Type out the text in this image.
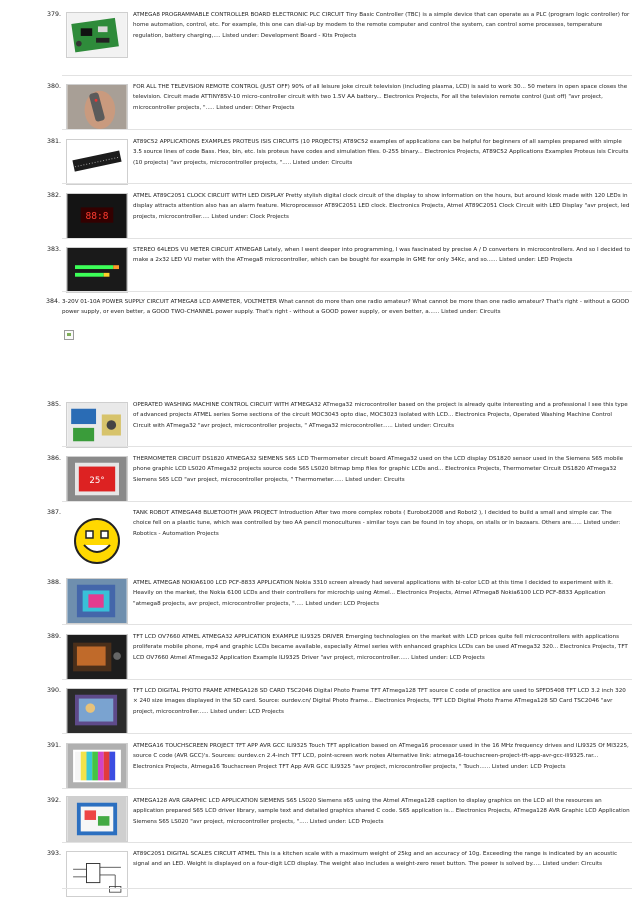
379.	ATMEGA8 PROGRAMMABLE CONTROLLER BOARD ELECTRONIC PLC CIRCUIT Tiny Basic Controller (TBC) is a simple device that can operate as a PLC (program logic controller) for home automation, control, etc. For example, this one can dial-up by modem to the remote computer and control the system, can control some processes, temperature regulation, battery charging,.... Listed under: Development Board - Kits Projects
380.	FOR ALL THE TELEVISION REMOTE CONTROL (JUST OFF) 90% of all leisure joke circuit television (including plasma, LCD) is said to work 30... 50 meters in open space closes the television. Circuit made ATTINY85V-10 micro-controller circuit with two 1.5V AA battery... Electronics Projects, For all the television remote control (just off) "avr project, microcontroller projects, "..... Listed under: Other Projects
381.	AT89C52 APPLICATIONS EXAMPLES PROTEUS ISIS CIRCUITS (10 PROJECTS) AT89C52 examples of applications can be helpful for beginners of all samples prepared with simple 3.5 source lines of code Bass. Hex, bin, etc. Isis proteus have codes and simulation files. 0-255 binary... Electronics Projects, AT89C52 Applications Examples Proteus isis Circuits (10 projects) "avr projects, microcontroller projects, "..... Listed under: Circuits
382.
88:8
ATMEL AT89C2051 CLOCK CIRCUIT WITH LED DISPLAY Pretty stylish digital clock circuit of the display to show information on the hours, but around kiosk made with 120 LEDs in display attracts attention also has an alarm feature. Microprocessor AT89C2051 LED clock. Electronics Projects, Atmel AT89C2051 Clock Circuit with LED Display "avr project, led projects, microcontroller..... Listed under: Clock Projects
383.	STEREO 64LEDS VU METER CIRCUIT ATMEGA8 Lately, when I went deeper into programming, I was fascinated by precise A / D converters in microcontrollers. And so I decided to make a 2x32 LED VU meter with the ATmega8 microcontroller, which can be bought for example in GME for only 34Kc, and so...... Listed under: LED Projects
384. 3-20V 01-10A POWER SUPPLY CIRCUIT ATMEGA8 LCD AMMETER, VOLTMETER What cannot do more than one radio amateur? What cannot be more than one radio amateur? That's right - without a GOOD power supply, or even better, a GOOD TWO-CHANNEL power supply. That's right - without a GOOD power supply, or even better, a...... Listed under: Circuits
385.	OPERATED WASHING MACHINE CONTROL CIRCUIT WITH ATMEGA32 ATmega32 microcontroller based on the project is already quite interesting and a professional I see this type of advanced projects ATMEL series Some sections of the circuit MOC3043 opto diac, MOC3023 isolated with LCD... Electronics Projects, Operated Washing Machine Control Circuit with ATmega32 "avr project, microcontroller projects, " ATmega32 microcontroller...... Listed under: Circuits
386.
25°
THERMOMETER CIRCUIT DS1820 ATMEGA32 SIEMENS S65 LCD Thermometer circuit board ATmega32 used on the LCD display DS1820 sensor used in the Siemens S65 mobile phone graphic LCD LS020 ATmega32 projects source code S65 LS020 bitmap bmp files for graphic LCDs and... Electronics Projects, Thermometer Circuit DS1820 ATmega32 Siemens S65 LCD "avr project, microcontroller projects, " Thermometer...... Listed under: Circuits
387.	TANK ROBOT ATMEGA48 BLUETOOTH JAVA PROJECT Introduction After two more complex robots ( Eurobot2008 and Robot2 ), I decided to build a small and simple car. The choice fell on a plastic tune, which was controlled by two AA pencil monocultures - similar toys can be found in toy shops, on stalls or in bazaars. Others are...... Listed under: Robotics - Automation Projects
388.	ATMEL ATMEGA8 NOKIA6100 LCD PCF-8833 APPLICATION Nokia 3310 screen already had several applications with bi-color LCD at this time I decided to experiment with it. Heavily on the market, the Nokia 6100 LCDs and their controllers for microchip using Atmel... Electronics Projects, Atmel ATmega8 Nokia6100 LCD PCF-8833 Application "atmega8 projects, avr project, microcontroller projects, "..... Listed under: LCD Projects
389.	TFT LCD OV7660 ATMEL ATMEGA32 APPLICATION EXAMPLE ILI9325 DRIVER Emerging technologies on the market with LCD prices quite fell microcontrollers with applications proliferate mobile phone, mp4 and graphic LCDs became available, especially Atmel series with enhanced graphics LCDs can be used ATmega32 320... Electronics Projects, TFT LCD OV7660 Atmel ATmega32 Application Example ILI9325 Driver "avr project, microcontroller...... Listed under: LCD Projects
390.	TFT LCD DIGITAL PHOTO FRAME ATMEGA128 SD CARD TSC2046 Digital Photo Frame TFT ATmega128 TFT source C code of practice are used to SPFD5408 TFT LCD 3.2 inch 320 × 240 size images displayed in the SD card. Source: ourdev.cn/ Digital Photo Frame... Electronics Projects, TFT LCD Digital Photo Frame ATmega128 SD Card TSC2046 "avr project, microcontroller...... Listed under: LCD Projects
391.	ATMEGA16 TOUCHSCREEN PROJECT TFT APP AVR GCC ILI9325 Touch TFT application based on ATmega16 processor used in the 16 MHz frequency drives and ILI9325 Of Ml3225, source C code (AVR GCC)'s. Sources: ourdev.cn 2.4-inch TFT LCD, point-screen work notes Alternative link: atmega16-touchscreen-project-tft-app-avr-gcc-ili9325.rar... Electronics Projects, Atmega16 Touchscreen Project TFT App AVR GCC ILI9325 "avr project, microcontroller projects, " Touch...... Listed under: LCD Projects
392.	ATMEGA128 AVR GRAPHIC LCD APPLICATION SIEMENS S65 LS020 Siemens s65 using the Atmel ATmega128 caption to display graphics on the LCD all the resources an application prepared S65 LCD driver library, sample text and detailed graphics shared C code. S65 application is... Electronics Projects, ATmega128 AVR Graphic LCD Application Siemens S65 LS020 "avr project, microcontroller projects, "..... Listed under: LCD Projects
393.	AT89C2051 DIGITAL SCALES CIRCUIT ATMEL This is a kitchen scale with a maximum weight of 25kg and an accuracy of 10g. Exceeding the range is indicated by an acoustic signal and an LED. Weight is displayed on a four-digit LCD display. The weight also includes a weight-zero reset button. The power is solved by..... Listed under: Circuits
